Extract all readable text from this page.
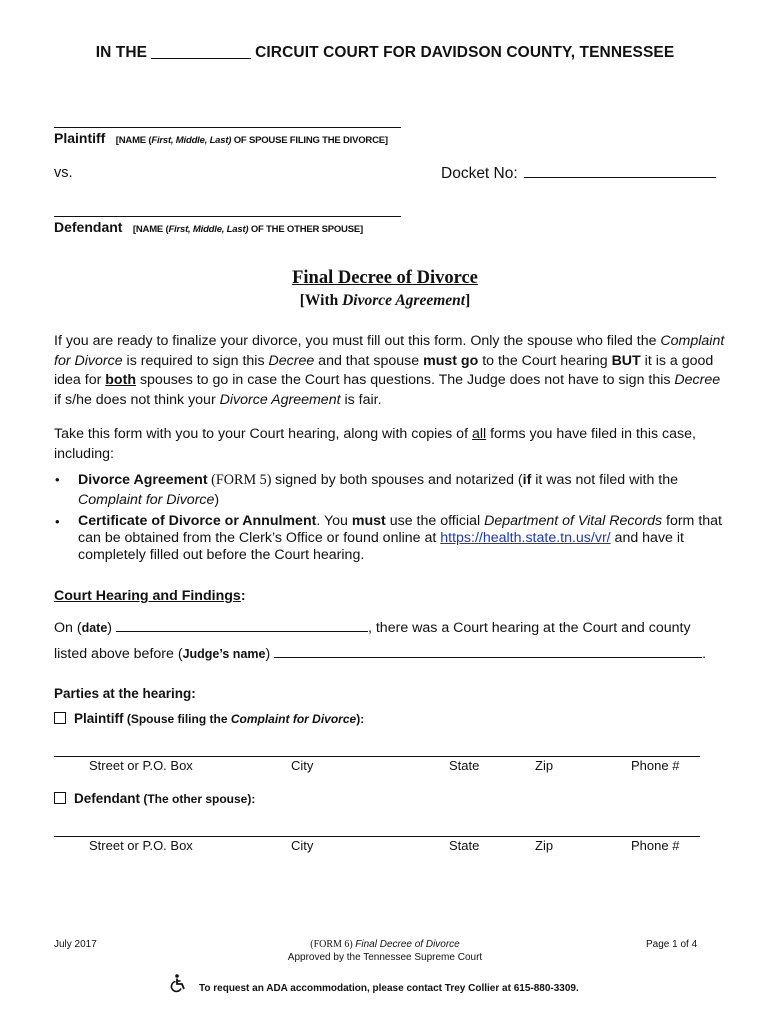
IN THE	CIRCUIT COURT FOR DAVIDSON COUNTY, TENNESSEE
Plaintiff [NAME (First, Middle, Last) OF SPOUSE FILING THE DIVORCE]
vs.	Docket No:
Defendant [NAME (First, Middle, Last) OF THE OTHER SPOUSE]
Final Decree of Divorce
[With Divorce Agreement]
If you are ready to finalize your divorce, you must fill out this form. Only the spouse who filed the Complaint
for Divorce is required to sign this Decree and that spouse must go to the Court hearing BUT it is a good
idea for both spouses to go in case the Court has questions. The Judge does not have to sign this Decree
if s/he does not think your Divorce Agreement is fair.
Take this form with you to your Court hearing, along with copies of all forms you have filed in this case,
including:
• Divorce Agreement (FORM 5) signed by both spouses and notarized (if it was not filed with the
Complaint for Divorce)
• Certificate of Divorce or Annulment. You must use the official Department of Vital Records form that
can be obtained from the Clerk’s Office or found online at https://health.state.tn.us/vr/ and have it
completely filled out before the Court hearing.
Court Hearing and Findings:
On (date)	, there was a Court hearing at the Court and county
listed above before (Judge’s name)	.
Parties at the hearing:
Plaintiff (Spouse filing the Complaint for Divorce):
Street or P.O. Box	City	State	Zip	Phone #
Defendant (The other spouse):
Street or P.O. Box	City	State	Zip	Phone #
July 2017	(FORM 6) Final Decree of Divorce
Approved by the Tennessee Supreme Court
Page 1 of 4
To request an ADA accommodation, please contact Trey Collier at 615-880-3309.
